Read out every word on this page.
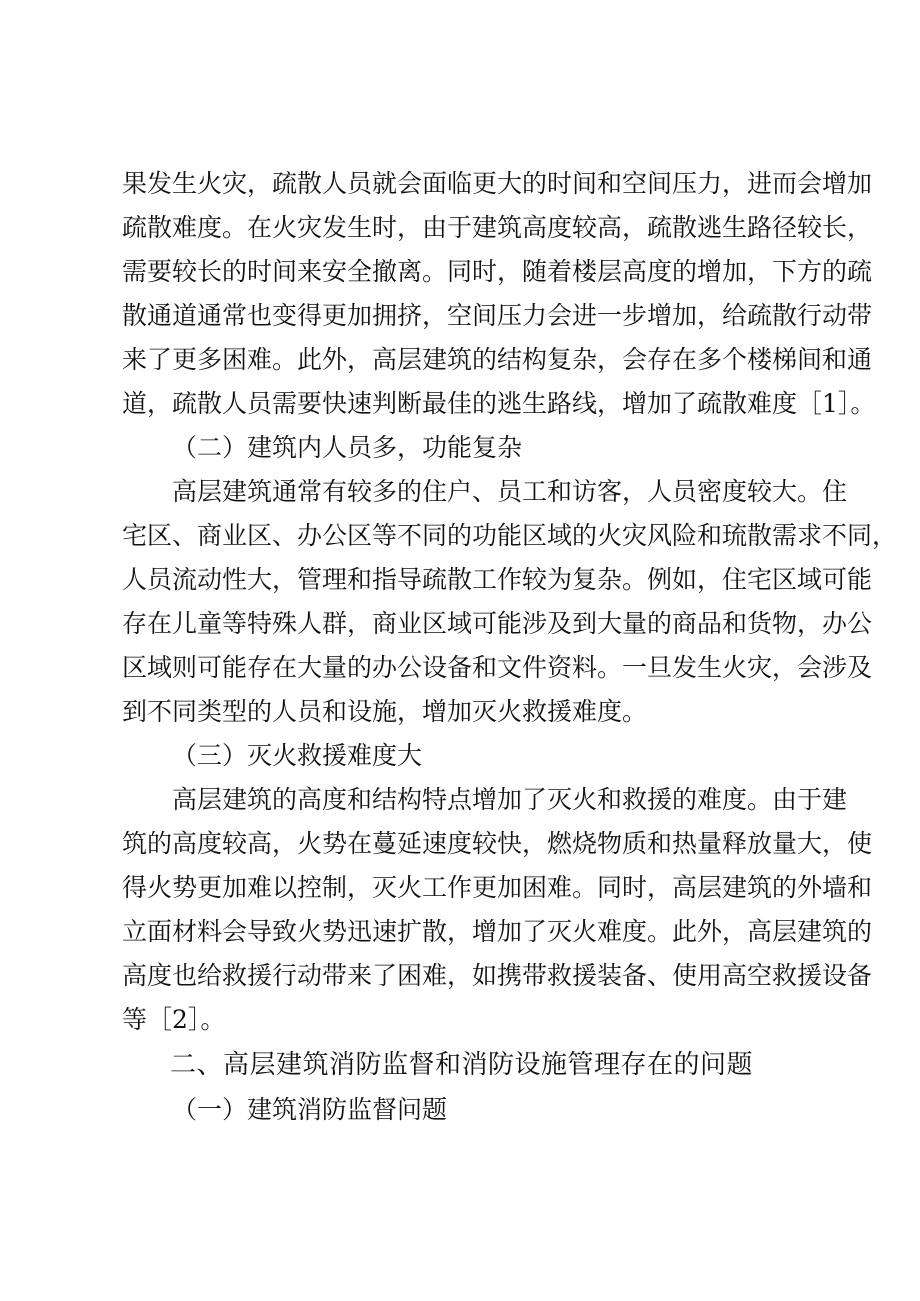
果发生火灾，疏散人员就会面临更大的时间和空间压力，进而会增加
疏散难度。在火灾发生时，由于建筑高度较高，疏散逃生路径较长，
需要较长的时间来安全撤离。同时，随着楼层高度的增加，下方的疏
散通道通常也变得更加拥挤，空间压力会进一步增加，给疏散行动带
来了更多困难。此外，高层建筑的结构复杂，会存在多个楼梯间和通
道，疏散人员需要快速判断最佳的逃生路线，增加了疏散难度［1］。
（二）建筑内人员多，功能复杂
高层建筑通常有较多的住户、员工和访客，人员密度较大。住
宅区、商业区、办公区等不同的功能区域的火灾风险和琉散需求不同，
人员流动性大，管理和指导疏散工作较为复杂。例如，住宅区域可能
存在儿童等特殊人群，商业区域可能涉及到大量的商品和货物，办公
区域则可能存在大量的办公设备和文件资料。一旦发生火灾，会涉及
到不同类型的人员和设施，增加灭火救援难度。
（三）灭火救援难度大
高层建筑的高度和结构特点增加了灭火和救援的难度。由于建
筑的高度较高，火势在蔓延速度较快，燃烧物质和热量释放量大，使
得火势更加难以控制，灭火工作更加困难。同时，高层建筑的外墙和
立面材料会导致火势迅速扩散，增加了灭火难度。此外，高层建筑的
高度也给救援行动带来了困难，如携带救援装备、使用高空救援设备
等［2］。
二、高层建筑消防监督和消防设施管理存在的问题
（一）建筑消防监督问题
